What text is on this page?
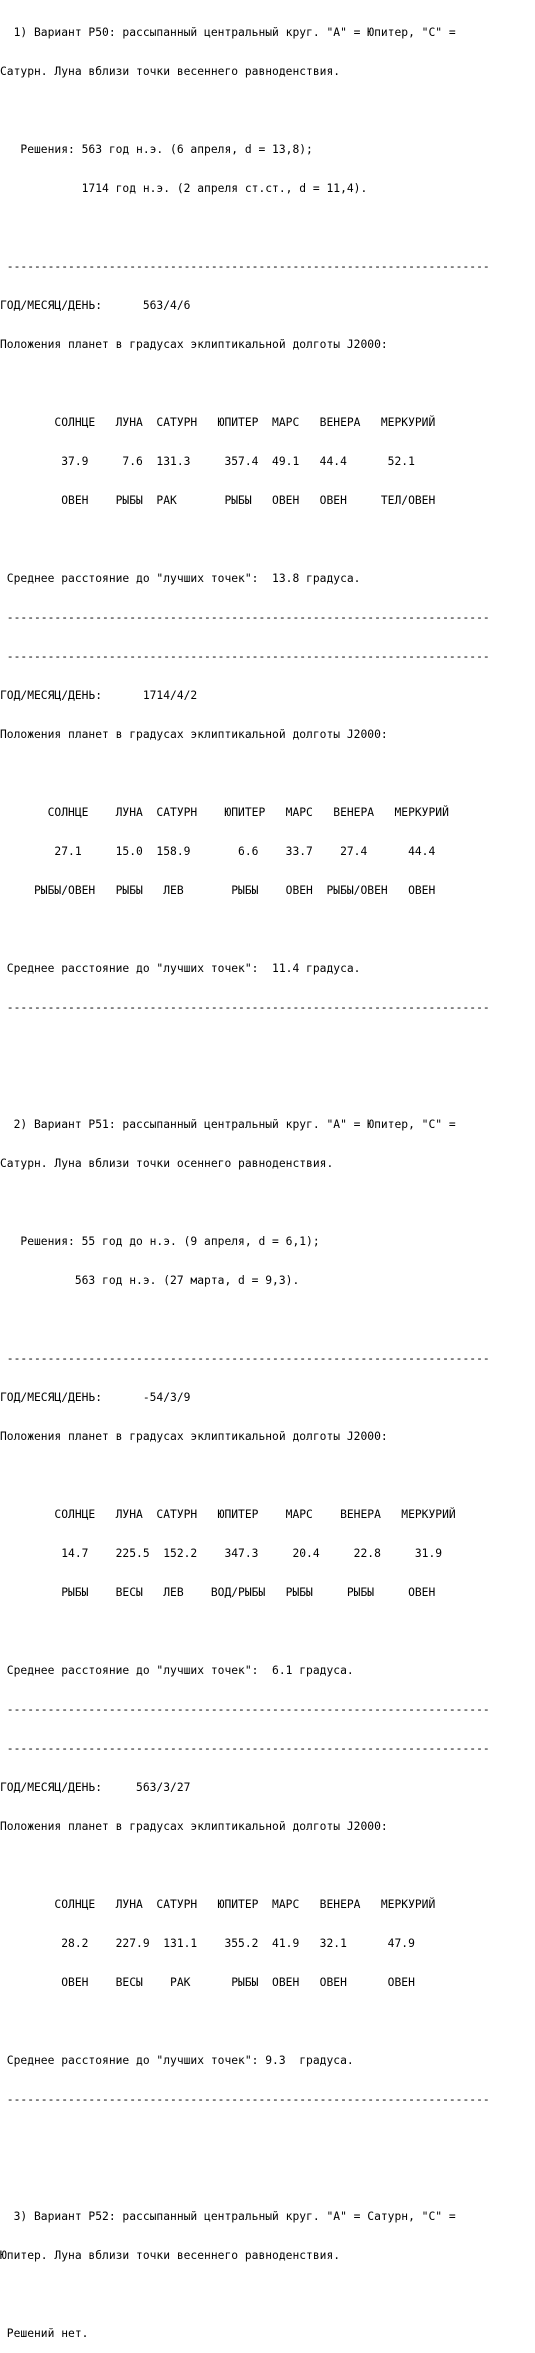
1) Вариант P50: рассыпанный центральный круг. "A" = Юпитер, "C" =

Сатурн. Луна вблизи точки весеннего равноденствия.

Решения: 563 год н.э. (6 апреля, d = 13,8);

1714 год н.э. (2 апреля ст.ст., d = 11,4).

-----------------------------------------------------------------------

ГОД/МЕСЯЦ/ДЕНЬ:      563/4/6

Положения планет в градусах эклиптикальной долготы J2000:

СОЛНЦЕ   ЛУНА  САТУРН   ЮПИТЕР  МАРС   ВЕНЕРА   МЕРКУРИЙ

37.9     7.6  131.3     357.4  49.1   44.4      52.1

ОВЕН    РЫБЫ  РАК       РЫБЫ   ОВЕН   ОВЕН     ТЕЛ/ОВЕН

Среднее расстояние до "лучших точек":  13.8 градуса.

-----------------------------------------------------------------------

-----------------------------------------------------------------------

ГОД/МЕСЯЦ/ДЕНЬ:      1714/4/2

Положения планет в градусах эклиптикальной долготы J2000:

СОЛНЦЕ    ЛУНА  САТУРН    ЮПИТЕР   МАРС   ВЕНЕРА   МЕРКУРИЙ

27.1     15.0  158.9       6.6    33.7    27.4      44.4

РЫБЫ/ОВЕН   РЫБЫ   ЛЕВ       РЫБЫ    ОВЕН  РЫБЫ/ОВЕН   ОВЕН

Среднее расстояние до "лучших точек":  11.4 градуса.

-----------------------------------------------------------------------

2) Вариант P51: рассыпанный центральный круг. "A" = Юпитер, "C" =

Сатурн. Луна вблизи точки осеннего равноденствия.

Решения: 55 год до н.э. (9 апреля, d = 6,1);

563 год н.э. (27 марта, d = 9,3).

-----------------------------------------------------------------------

ГОД/МЕСЯЦ/ДЕНЬ:      -54/3/9

Положения планет в градусах эклиптикальной долготы J2000:

СОЛНЦЕ   ЛУНА  САТУРН   ЮПИТЕР    МАРС    ВЕНЕРА   МЕРКУРИЙ

14.7    225.5  152.2    347.3     20.4     22.8     31.9

РЫБЫ    ВЕСЫ   ЛЕВ    ВОД/РЫБЫ   РЫБЫ     РЫБЫ     ОВЕН

Среднее расстояние до "лучших точек":  6.1 градуса.

-----------------------------------------------------------------------

-----------------------------------------------------------------------

ГОД/МЕСЯЦ/ДЕНЬ:     563/3/27

Положения планет в градусах эклиптикальной долготы J2000:

СОЛНЦЕ   ЛУНА  САТУРН   ЮПИТЕР  МАРС   ВЕНЕРА   МЕРКУРИЙ

28.2    227.9  131.1    355.2  41.9   32.1      47.9

ОВЕН    ВЕСЫ    РАК      РЫБЫ  ОВЕН   ОВЕН      ОВЕН

Среднее расстояние до "лучших точек": 9.3  градуса.

-----------------------------------------------------------------------

3) Вариант P52: рассыпанный центральный круг. "A" = Сатурн, "C" =

Юпитер. Луна вблизи точки весеннего равноденствия.

Решений нет.
